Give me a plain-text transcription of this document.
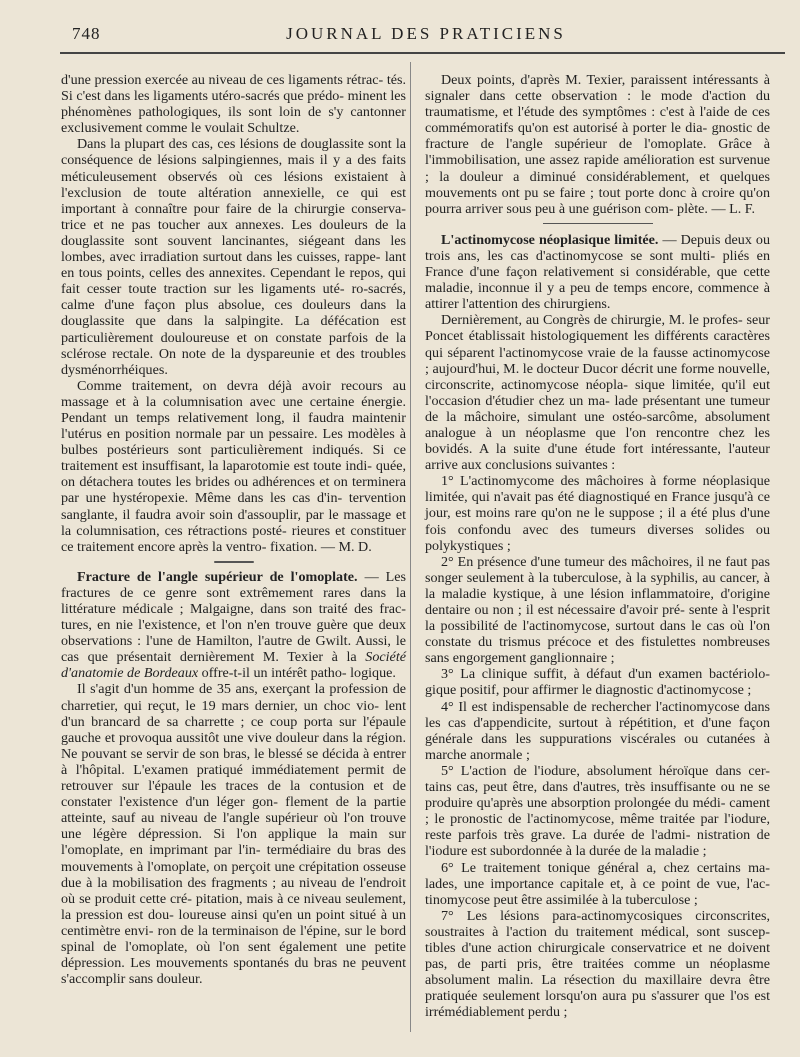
748	JOURNAL DES PRATICIENS

d'une pression exercée au niveau de ces ligaments rétrac- tés. Si c'est dans les ligaments utéro-sacrés que prédo- minent les phénomènes pathologiques, ils sont loin de s'y cantonner exclusivement comme le voulait Schultze.

Dans la plupart des cas, ces lésions de douglassite sont la conséquence de lésions salpingiennes, mais il y a des faits méticuleusement observés où ces lésions existaient à l'exclusion de toute altération annexielle, ce qui est important à connaître pour faire de la chirurgie conserva- trice et ne pas toucher aux annexes. Les douleurs de la douglassite sont souvent lancinantes, siégeant dans les lombes, avec irradiation surtout dans les cuisses, rappe- lant en tous points, celles des annexites. Cependant le repos, qui fait cesser toute traction sur les ligaments uté- ro-sacrés, calme d'une façon plus absolue, ces douleurs dans la douglassite que dans la salpingite. La défécation est particulièrement douloureuse et on constate parfois de la sclérose rectale. On note de la dyspareunie et des troubles dysménorrhéiques.

Comme traitement, on devra déjà avoir recours au massage et à la columnisation avec une certaine énergie. Pendant un temps relativement long, il faudra maintenir l'utérus en position normale par un pessaire. Les modèles à bulbes postérieurs sont particulièrement indiqués. Si ce traitement est insuffisant, la laparotomie est toute indi- quée, on détachera toutes les brides ou adhérences et on terminera par une hystéropexie. Même dans les cas d'in- tervention sanglante, il faudra avoir soin d'assouplir, par le massage et la columnisation, ces rétractions posté- rieures et constituer ce traitement encore après la ventro- fixation. — M. D.

Fracture de l'angle supérieur de l'omoplate. — Les fractures de ce genre sont extrêmement rares dans la littérature médicale ; Malgaigne, dans son traité des frac- tures, en nie l'existence, et l'on n'en trouve guère que deux observations : l'une de Hamilton, l'autre de Gwilt. Aussi, le cas que présentait dernièrement M. Texier à la Société d'anatomie de Bordeaux offre-t-il un intérêt patho- logique.

Il s'agit d'un homme de 35 ans, exerçant la profession de charretier, qui reçut, le 19 mars dernier, un choc vio- lent d'un brancard de sa charrette ; ce coup porta sur l'épaule gauche et provoqua aussitôt une vive douleur dans la région. Ne pouvant se servir de son bras, le blessé se décida à entrer à l'hôpital. L'examen pratiqué immédiatement permit de retrouver sur l'épaule les traces de la contusion et de constater l'existence d'un léger gon- flement de la partie atteinte, sauf au niveau de l'angle supérieur où l'on trouve une légère dépression. Si l'on applique la main sur l'omoplate, en imprimant par l'in- termédiaire du bras des mouvements à l'omoplate, on perçoit une crépitation osseuse due à la mobilisation des fragments ; au niveau de l'endroit où se produit cette cré- pitation, mais à ce niveau seulement, la pression est dou- loureuse ainsi qu'en un point situé à un centimètre envi- ron de la terminaison de l'épine, sur le bord spinal de l'omoplate, où l'on sent également une petite dépression. Les mouvements spontanés du bras ne peuvent s'accomplir sans douleur.

Deux points, d'après M. Texier, paraissent intéressants à signaler dans cette observation : le mode d'action du traumatisme, et l'étude des symptômes : c'est à l'aide de ces commémoratifs qu'on est autorisé à porter le dia- gnostic de fracture de l'angle supérieur de l'omoplate. Grâce à l'immobilisation, une assez rapide amélioration est survenue ; la douleur a diminué considérablement, et quelques mouvements ont pu se faire ; tout porte donc à croire qu'on pourra arriver sous peu à une guérison com- plète. — L. F.

L'actinomycose néoplasique limitée. — Depuis deux ou trois ans, les cas d'actinomycose se sont multi- pliés en France d'une façon relativement si considérable, que cette maladie, inconnue il y a peu de temps encore, commence à attirer l'attention des chirurgiens.

Dernièrement, au Congrès de chirurgie, M. le profes- seur Poncet établissait histologiquement les différents caractères qui séparent l'actinomycose vraie de la fausse actinomycose ; aujourd'hui, M. le docteur Ducor décrit une forme nouvelle, circonscrite, actinomycose néopla- sique limitée, qu'il eut l'occasion d'étudier chez un ma- lade présentant une tumeur de la mâchoire, simulant une ostéo-sarcôme, absolument analogue à un néoplasme que l'on rencontre chez les bovidés. A la suite d'une étude fort intéressante, l'auteur arrive aux conclusions suivantes :

1° L'actinomycome des mâchoires à forme néoplasique limitée, qui n'avait pas été diagnostiqué en France jusqu'à ce jour, est moins rare qu'on ne le suppose ; il a été plus d'une fois confondu avec des tumeurs diverses solides ou polykystiques ;

2° En présence d'une tumeur des mâchoires, il ne faut pas songer seulement à la tuberculose, à la syphilis, au cancer, à la maladie kystique, à une lésion inflammatoire, d'origine dentaire ou non ; il est nécessaire d'avoir pré- sente à l'esprit la possibilité de l'actinomycose, surtout dans le cas où l'on constate du trismus précoce et des fistulettes nombreuses sans engorgement ganglionnaire ;

3° La clinique suffit, à défaut d'un examen bactériolo- gique positif, pour affirmer le diagnostic d'actinomycose ;

4° Il est indispensable de rechercher l'actinomycose dans les cas d'appendicite, surtout à répétition, et d'une façon générale dans les suppurations viscérales ou cutanées à marche anormale ;

5° L'action de l'iodure, absolument héroïque dans cer- tains cas, peut être, dans d'autres, très insuffisante ou ne se produire qu'après une absorption prolongée du médi- cament ; le pronostic de l'actinomycose, même traitée par l'iodure, reste parfois très grave. La durée de l'admi- nistration de l'iodure est subordonnée à la durée de la maladie ;

6° Le traitement tonique général a, chez certains ma- lades, une importance capitale et, à ce point de vue, l'ac- tinomycose peut être assimilée à la tuberculose ;

7° Les lésions para-actinomycosiques circonscrites, soustraites à l'action du traitement médical, sont suscep- tibles d'une action chirurgicale conservatrice et ne doivent pas, de parti pris, être traitées comme un néoplasme absolument malin. La résection du maxillaire devra être pratiquée seulement lorsqu'on aura pu s'assurer que l'os est irrémédiablement perdu ;
